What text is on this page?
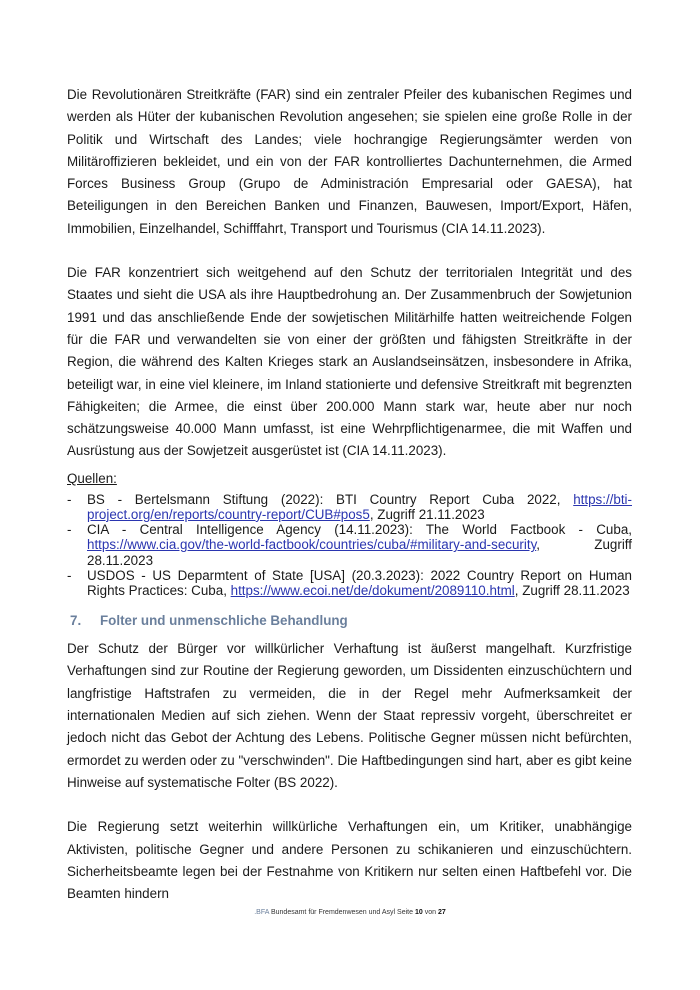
Die Revolutionären Streitkräfte (FAR) sind ein zentraler Pfeiler des kubanischen Regimes und werden als Hüter der kubanischen Revolution angesehen; sie spielen eine große Rolle in der Politik und Wirtschaft des Landes; viele hochrangige Regierungsämter werden von Militäroffizieren bekleidet, und ein von der FAR kontrolliertes Dachunternehmen, die Armed Forces Business Group (Grupo de Administración Empresarial oder GAESA), hat Beteiligungen in den Bereichen Banken und Finanzen, Bauwesen, Import/Export, Häfen, Immobilien, Einzelhandel, Schifffahrt, Transport und Tourismus (CIA 14.11.2023).

Die FAR konzentriert sich weitgehend auf den Schutz der territorialen Integrität und des Staates und sieht die USA als ihre Hauptbedrohung an. Der Zusammenbruch der Sowjetunion 1991 und das anschließende Ende der sowjetischen Militärhilfe hatten weitreichende Folgen für die FAR und verwandelten sie von einer der größten und fähigsten Streitkräfte in der Region, die während des Kalten Krieges stark an Auslandseinsätzen, insbesondere in Afrika, beteiligt war, in eine viel kleinere, im Inland stationierte und defensive Streitkraft mit begrenzten Fähigkeiten; die Armee, die einst über 200.000 Mann stark war, heute aber nur noch schätzungsweise 40.000 Mann umfasst, ist eine Wehrpflichtigenarmee, die mit Waffen und Ausrüstung aus der Sowjetzeit ausgerüstet ist (CIA 14.11.2023).

Quellen:
- BS - Bertelsmann Stiftung (2022): BTI Country Report Cuba 2022, https://bti-project.org/en/reports/country-report/CUB#pos5, Zugriff 21.11.2023
- CIA - Central Intelligence Agency (14.11.2023): The World Factbook - Cuba, https://www.cia.gov/the-world-factbook/countries/cuba/#military-and-security, Zugriff 28.11.2023
- USDOS - US Deparmtent of State [USA] (20.3.2023): 2022 Country Report on Human Rights Practices: Cuba, https://www.ecoi.net/de/dokument/2089110.html, Zugriff 28.11.2023
7. Folter und unmenschliche Behandlung

Der Schutz der Bürger vor willkürlicher Verhaftung ist äußerst mangelhaft. Kurzfristige Verhaftungen sind zur Routine der Regierung geworden, um Dissidenten einzuschüchtern und langfristige Haftstrafen zu vermeiden, die in der Regel mehr Aufmerksamkeit der internationalen Medien auf sich ziehen. Wenn der Staat repressiv vorgeht, überschreitet er jedoch nicht das Gebot der Achtung des Lebens. Politische Gegner müssen nicht befürchten, ermordet zu werden oder zu "verschwinden". Die Haftbedingungen sind hart, aber es gibt keine Hinweise auf systematische Folter (BS 2022).

Die Regierung setzt weiterhin willkürliche Verhaftungen ein, um Kritiker, unabhängige Aktivisten, politische Gegner und andere Personen zu schikanieren und einzuschüchtern. Sicherheitsbeamte legen bei der Festnahme von Kritikern nur selten einen Haftbefehl vor. Die Beamten hindern

.BFA Bundesamt für Fremdenwesen und Asyl Seite 10 von 27
